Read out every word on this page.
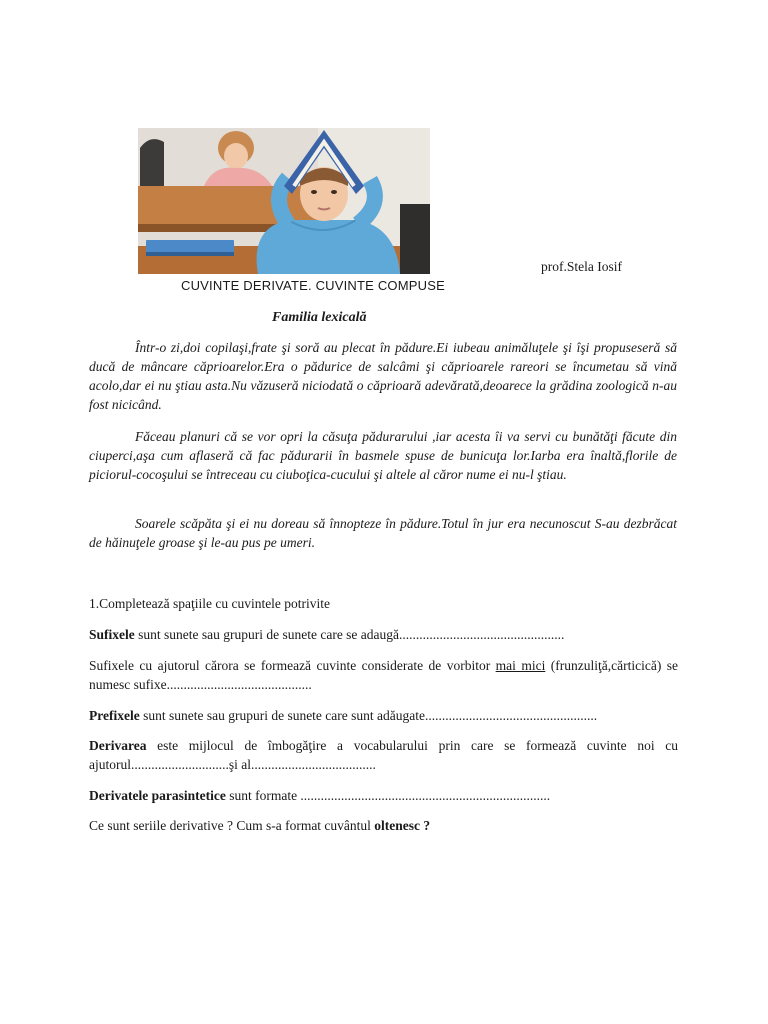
prof.Stela Iosif
CUVINTE DERIVATE. CUVINTE COMPUSE
Familia lexicală

Într-o zi,doi copilaşi,frate şi soră au plecat în pădure.Ei iubeau animăluţele şi îşi propuseseră să ducă de mâncare căprioarelor.Era o pădurice de salcâmi şi căprioarele rareori se încumetau să vină acolo,dar ei nu ştiau asta.Nu văzuseră niciodată o căprioară adevărată,deoarece la grădina zoologică n-au fost nicicând.

Făceau planuri că se vor opri la căsuţa pădurarului ,iar acesta îi va servi cu bunătăţi făcute din ciuperci,aşa cum aflaseră că fac pădurarii în basmele spuse de bunicuţa lor.Iarba era înaltă,florile de piciorul-cocoşului se întreceau cu ciuboţica-cucului şi altele al căror nume ei nu-l ştiau.

Soarele scăpăta şi ei nu doreau să înnopteze în pădure.Totul în jur era necunoscut S-au dezbrăcat de hăinuţele groase şi le-au pus pe umeri.

1.Completează spaţiile cu cuvintele potrivite

Sufixele sunt sunete sau grupuri de sunete care se adaugă.................................................

Sufixele cu ajutorul cărora se formează cuvinte considerate de vorbitor mai mici (frunzuliţă,cărticică) se numesc sufixe...........................................

Prefixele sunt sunete sau grupuri de sunete care sunt adăugate...................................................

Derivarea este mijlocul de îmbogăţire a vocabularului prin care se formează cuvinte noi cu ajutorul.............................şi al.....................................

Derivatele parasintetice sunt formate ..........................................................................

Ce sunt seriile derivative ? Cum s-a format cuvântul oltenesc ?
